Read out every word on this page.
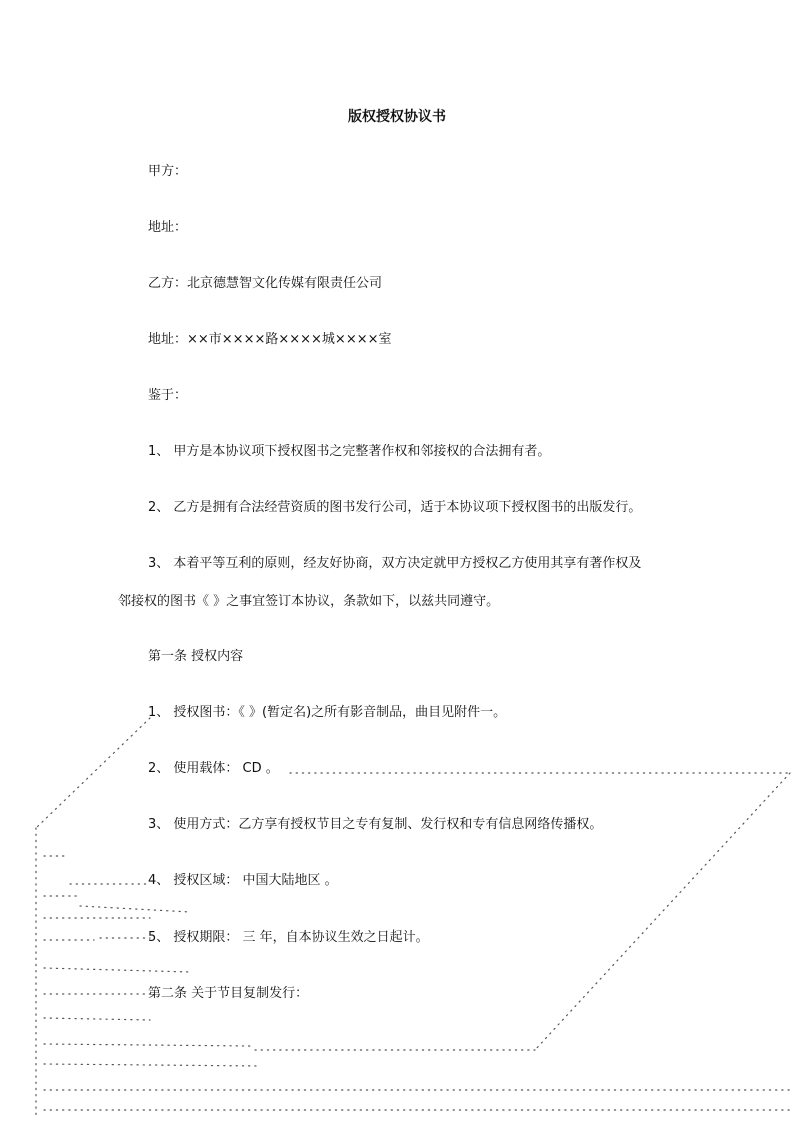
版权授权协议书
甲方：
地址：
乙方：北京德慧智文化传媒有限责任公司
地址：××市××××路××××城××××室
鉴于：
1、 甲方是本协议项下授权图书之完整著作权和邻接权的合法拥有者。
2、 乙方是拥有合法经营资质的图书发行公司，适于本协议项下授权图书的出版发行。
3、 本着平等互利的原则，经友好协商，双方决定就甲方授权乙方使用其享有著作权及
邻接权的图书《 》之事宜签订本协议，条款如下，以兹共同遵守。
第一条 授权内容
1、 授权图书：《 》(暂定名)之所有影音制品，曲目见附件一。
2、 使用载体： CD 。
3、 使用方式：乙方享有授权节目之专有复制、发行权和专有信息网络传播权。
4、 授权区域： 中国大陆地区 。
5、 授权期限： 三 年，自本协议生效之日起计。
第二条 关于节目复制发行：
